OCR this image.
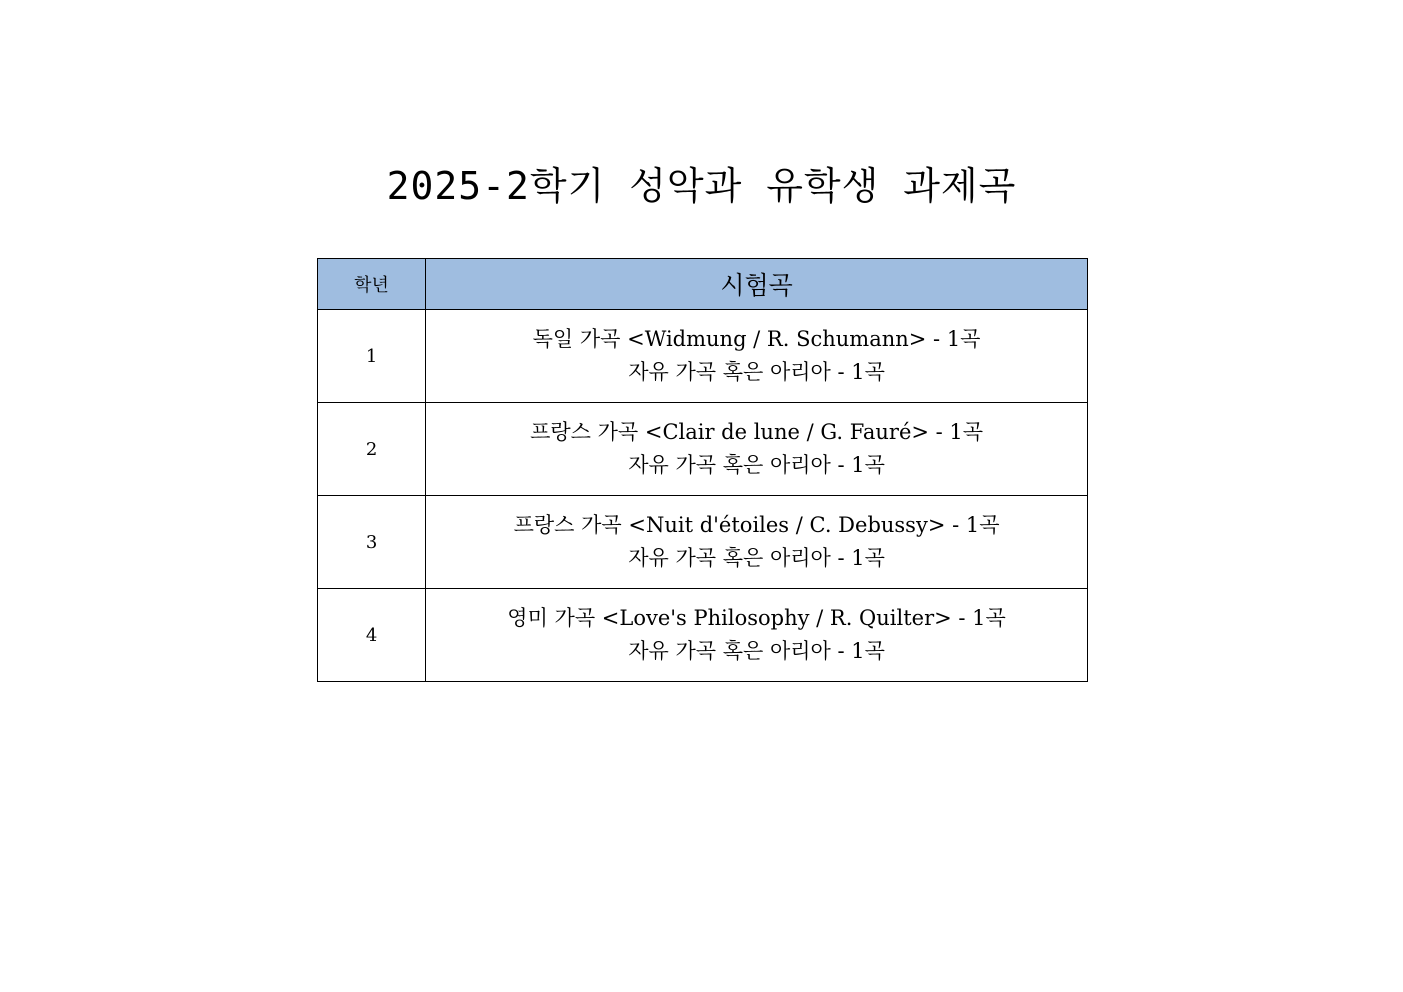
2025-2학기 성악과 유학생 과제곡
학년	시험곡
1	독일 가곡 <Widmung / R. Schumann> - 1곡
자유 가곡 혹은 아리아 - 1곡

2	프랑스 가곡 <Clair de lune / G. Fauré> - 1곡
자유 가곡 혹은 아리아 - 1곡

3	프랑스 가곡 <Nuit d'étoiles / C. Debussy> - 1곡
자유 가곡 혹은 아리아 - 1곡

4	영미 가곡 <Love's Philosophy / R. Quilter> - 1곡
자유 가곡 혹은 아리아 - 1곡
